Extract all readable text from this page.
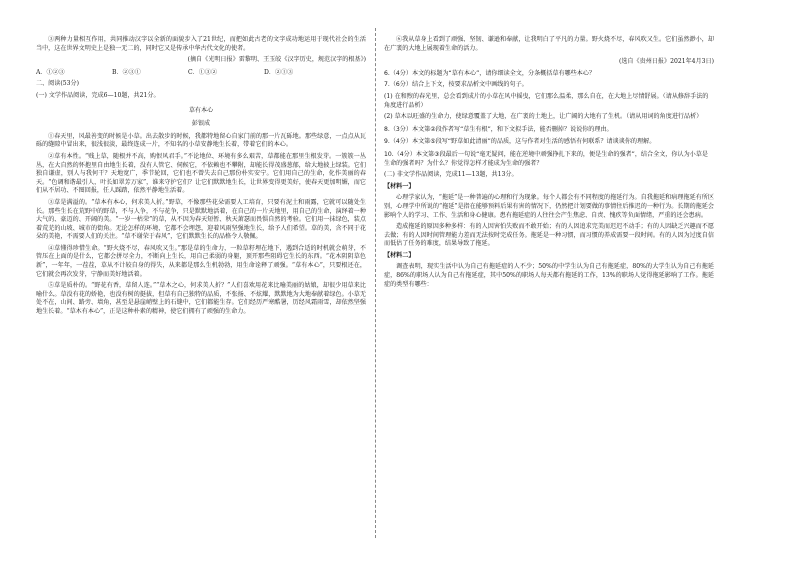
③两种力量相互作用，共同推动汉字以全新的面貌步入了21世纪，而把如此古老的文字成功地运用于现代社会的生活当中，这在世界文明史上是独一无二的，同时它又是传承中华古代文化的使者。

(摘自《光明日报》雷黎明、王玉皎《汉字历史，规范汉字的根基》)

A．①②③	B．②③①	C．①③②	D．②①③

二、阅读(53分)

(一) 文学作品阅读，完成6—10题，共21分。

草有本心

彭银成

①春天里，风最善变的时候是小草。出去散步的时候，我都特地留心自家门前的那一片瓦砾地。那些绿意，一点点从瓦砾的缝隙中冒出来，很浅很淡，最终连成一片，不知名的小草安静地生长着，带着它们的本心。

②草有本性。“贱上草，随根并不高，购恨风君手。”不论地位、环境有多么艰苦，草都能在那里生根发芽。一簇簇一丛丛，在大自然的怀抱里自由地生长着，没有人管它、伺候它，不依赖也不攀附，却能长得茂盛葱郁，给大地披上绿装。它们独自谦虚，别人与我何干？天地宽广，季节轮回，它们也不曾失去自己那份朴实安宁。它们用自己的生命，化作美丽的春天。“色调和谐最引人，叶长如翠芳万家”，谁来守护它们？让它们默默地生长，让世界变得更美好，使春天更加明媚，而它们从不居功、不图回报，任人踩踏，依然平静地生活着。

③草是满溢的。“草本有本心，何求美人折。”野草，不像那些花朵需要人工培育，只要有泥土和雨露，它就可以随处生长。那些生长在荒野中的野草，不与人争，不与花争，只是默默地活着，在自己的一片天地里，用自己的生命，演绎着一种大气的、豪迈的、开阔的美。“一岁一枯荣”的草，从不因为春天短暂、秋天萧瑟而畏惧自然的考验。它们用一抹绿色，装点着荒芜的山坡、城市的街角。无论怎样的环境，它都不会埋怨，迎着风雨坚强地生长，给予人们希望。草的美，含不同于花朵的美艳，不需要人们的关注。“草不谢荣于春风”，它们默默生长的品格令人敬佩。

④草懂得珍惜生命。“野火烧不尽，春风吹又生。”那是草的生命力，一粒草籽埋在地下，遇到合适的时机就会萌芽，不管压在上面的是什么，它都会拼尽全力，不断向上生长，用自己柔弱的身躯，顶开那些阻碍它生长的东西。“花木阴阴草色新”，一年年，一茬茬，草从不计较自身的得失，从来都是那么生机勃勃，用生命诠释了顽强。“草有本心”，只要根还在，它们就会再次发芽，宁静而美好地活着。

⑤草是质朴的。“野花有香，草留人连。”“草木之心，何求美人折？”人们喜欢用花来比喻美丽的姑娘，却很少用草来比喻什么。草没有花的娇艳，也没有树的挺拔，但草有自己独特的品质，不张扬、不炫耀，默默地为大地奉献着绿色。小草无处不在，山间、路旁、墙角，甚至是悬崖峭壁上的石缝中，它们都能生存。它们经历严寒酷暑，历经风霜雨雪，却依然坚强地生长着。“草木有本心”，正是这种朴素的精神，使它们拥有了顽强的生命力。

⑥我从草身上看到了顽强、坚韧、谦逊和奉献，让我明白了平凡的力量。野火烧不尽，春风吹又生。它们虽然渺小，却在广袤的大地上展现着生命的活力。

(选自《贵州日报》2021年4月3日)

6.（4分）本文的标题为“草有本心”，请你细读全文，分条概括草有哪些本心？

7.（6分）结合上下文，按要求品析文中画线的句子。

(1) 在和煦的春光里，总会看到成片的小草在风中摇曳，它们那么温柔，那么自在，在大地上尽情舒展。（请从修辞手法的角度进行品析）

(2) 草木以旺盛的生命力，使绿意覆盖了大地，在广袤的土地上，让广阔的大地有了生机。（请从用词的角度进行品析）

8.（3分）本文第②段作者写“草生有根”，和下文拟手法，能否删掉？说说你的理由。

9.（4分）本文第⑤段写“野草如此清丽”的品质，这与作者对生活的感悟有何联系？请谈谈你的理解。

10.（4分）本文第③段最后一句说“毫无疑问，能在逆境中顽强挣扎下来的，便是生命的强者”，结合全文，你认为小草是生命的强者吗？为什么？你觉得怎样才能成为生命的强者？

(二) 非文学作品阅读，完成11—13题，共13分。

【材料一】

心理学家认为，“拖延”是一种普遍的心理和行为现象。每个人都会有不同程度的拖延行为。自我拖延和病理拖延有所区别，心理学中所说的“拖延”是指在能够预料后果有害的情况下，仍然把计划要做的事情往后推迟的一种行为。长期的拖延会影响个人的学习、工作、生活和身心健康。患有拖延症的人往往会产生焦虑、自责、愧疚等负面情绪，严重的还会患病。

造成拖延的原因多种多样：有的人因害怕失败而不敢开始；有的人因追求完美而迟迟不动手；有的人因缺乏兴趣而不愿去做；有的人因时间管理能力差而无法按时完成任务。拖延是一种习惯，而习惯的养成需要一段时间。有的人因为过度自信而低估了任务的难度，结果导致了拖延。

【材料二】

调查表明，现实生活中认为自己有拖延症的人不少；50%的中学生认为自己有拖延症，80%的大学生认为自己有拖延症，86%的职场人认为自己有拖延症，其中50%的职场人每天都有拖延的工作，13%的职场人觉得拖延影响了工作。拖延症的类型有哪些：
